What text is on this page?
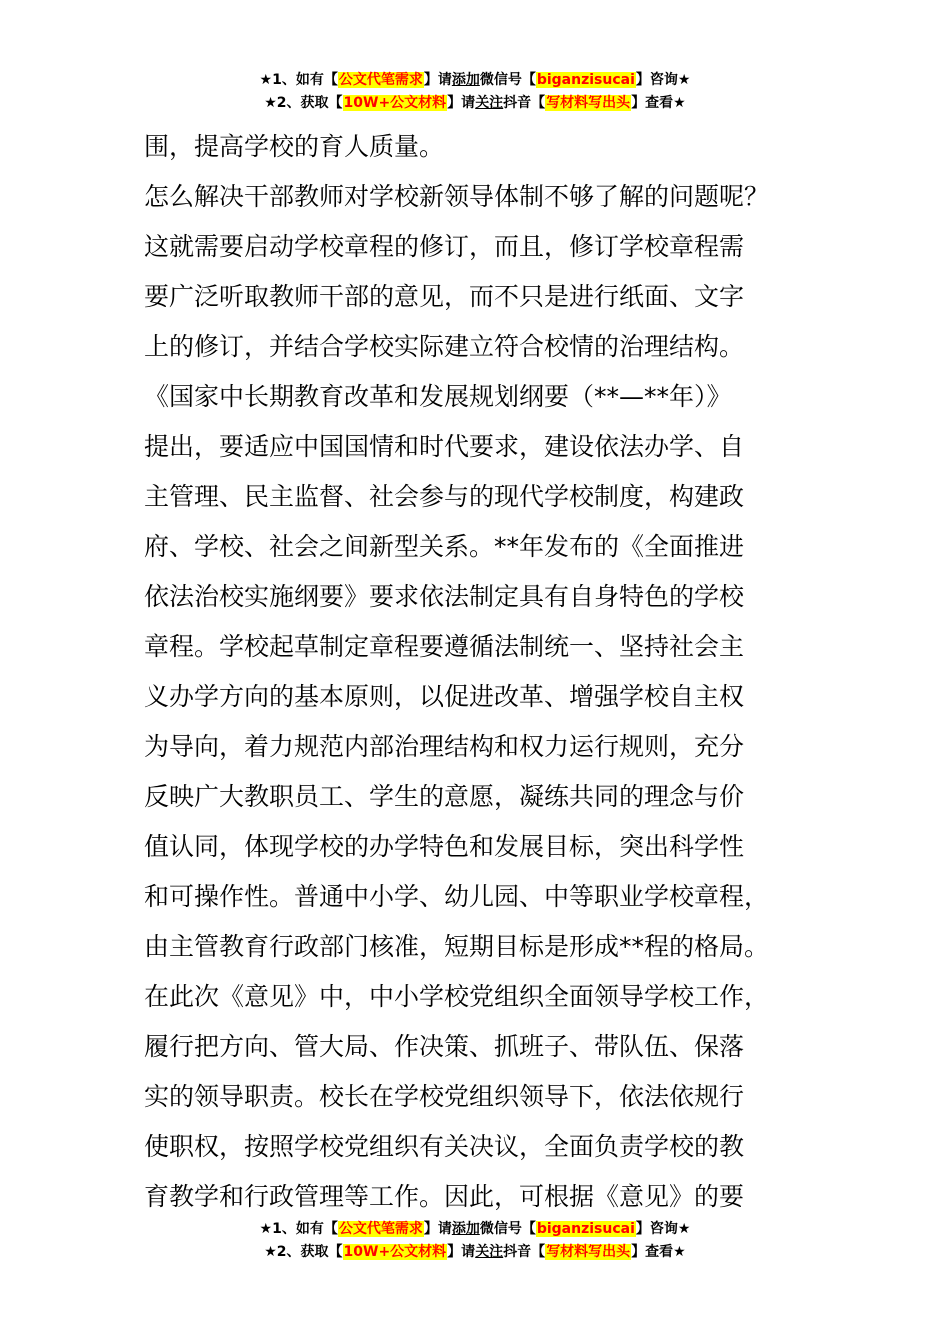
★1、如有【公文代笔需求】请添加微信号【biganzisucai】咨询★
★2、获取【10W+公文材料】请关注抖音【写材料写出头】查看★
围，提高学校的育人质量。
怎么解决干部教师对学校新领导体制不够了解的问题呢？
这就需要启动学校章程的修订，而且，修订学校章程需
要广泛听取教师干部的意见，而不只是进行纸面、文字
上的修订，并结合学校实际建立符合校情的治理结构。
《国家中长期教育改革和发展规划纲要（**—**年）》
提出，要适应中国国情和时代要求，建设依法办学、自
主管理、民主监督、社会参与的现代学校制度，构建政
府、学校、社会之间新型关系。**年发布的《全面推进
依法治校实施纲要》要求依法制定具有自身特色的学校
章程。学校起草制定章程要遵循法制统一、坚持社会主
义办学方向的基本原则，以促进改革、增强学校自主权
为导向，着力规范内部治理结构和权力运行规则，充分
反映广大教职员工、学生的意愿，凝练共同的理念与价
值认同，体现学校的办学特色和发展目标，突出科学性
和可操作性。普通中小学、幼儿园、中等职业学校章程，
由主管教育行政部门核准，短期目标是形成**程的格局。
在此次《意见》中，中小学校党组织全面领导学校工作，
履行把方向、管大局、作决策、抓班子、带队伍、保落
实的领导职责。校长在学校党组织领导下，依法依规行
使职权，按照学校党组织有关决议，全面负责学校的教
育教学和行政管理等工作。因此，可根据《意见》的要
★1、如有【公文代笔需求】请添加微信号【biganzisucai】咨询★
★2、获取【10W+公文材料】请关注抖音【写材料写出头】查看★
